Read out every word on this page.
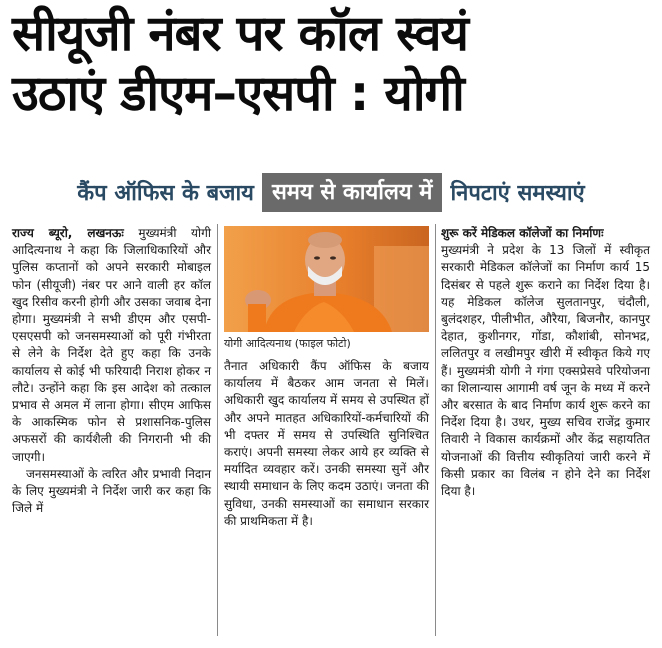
सीयूजी नंबर पर कॉल स्वयं
उठाएं डीएम–एसपी : योगी
कैंप ऑफिस के बजाय समय से कार्यालय में निपटाएं समस्याएं

राज्य ब्यूरो, लखनऊः मुख्यमंत्री योगी आदित्यनाथ ने कहा कि जिलाधिकारियों और पुलिस कप्तानों को अपने सरकारी मोबाइल फोन (सीयूजी) नंबर पर आने वाली हर कॉल खुद रिसीव करनी होगी और उसका जवाब देना होगा। मुख्यमंत्री ने सभी डीएम और एसपी-एसएसपी को जनसमस्याओं को पूरी गंभीरता से लेने के निर्देश देते हुए कहा कि उनके कार्यालय से कोई भी फरियादी निराश होकर न लौटे। उन्होंने कहा कि इस आदेश को तत्काल प्रभाव से अमल में लाना होगा। सीएम आफिस के आकस्मिक फोन से प्रशासनिक-पुलिस अफसरों की कार्यशैली की निगरानी भी की जाएगी।

जनसमस्याओं के त्वरित और प्रभावी निदान के लिए मुख्यमंत्री ने निर्देश जारी कर कहा कि जिले में

योगी आदित्यनाथ (फाइल फोटो)

तैनात अधिकारी कैंप ऑफिस के बजाय कार्यालय में बैठकर आम जनता से मिलें। अधिकारी खुद कार्यालय में समय से उपस्थित हों और अपने मातहत अधिकारियों-कर्मचारियों की भी दफ्तर में समय से उपस्थिति सुनिश्चित कराएं। अपनी समस्या लेकर आये हर व्यक्ति से मर्यादित व्यवहार करें। उनकी समस्या सुनें और स्थायी समाधान के लिए कदम उठाएं। जनता की सुविधा, उनकी समस्याओं का समाधान सरकार की प्राथमिकता में है।

शुरू करें मेडिकल कॉलेजों का निर्माणः

मुख्यमंत्री ने प्रदेश के 13 जिलों में स्वीकृत सरकारी मेडिकल कॉलेजों का निर्माण कार्य 15 दिसंबर से पहले शुरू कराने का निर्देश दिया है। यह मेडिकल कॉलेज सुलतानपुर, चंदौली, बुलंदशहर, पीलीभीत, औरैया, बिजनौर, कानपुर देहात, कुशीनगर, गोंडा, कौशांबी, सोनभद्र, ललितपुर व लखीमपुर खीरी में स्वीकृत किये गए हैं। मुख्यमंत्री योगी ने गंगा एक्सप्रेसवे परियोजना का शिलान्यास आगामी वर्ष जून के मध्य में करने और बरसात के बाद निर्माण कार्य शुरू करने का निर्देश दिया है। उधर, मुख्य सचिव राजेंद्र कुमार तिवारी ने विकास कार्यक्रमों और केंद्र सहायतित योजनाओं की वित्तीय स्वीकृतियां जारी करने में किसी प्रकार का विलंब न होने देने का निर्देश दिया है।
